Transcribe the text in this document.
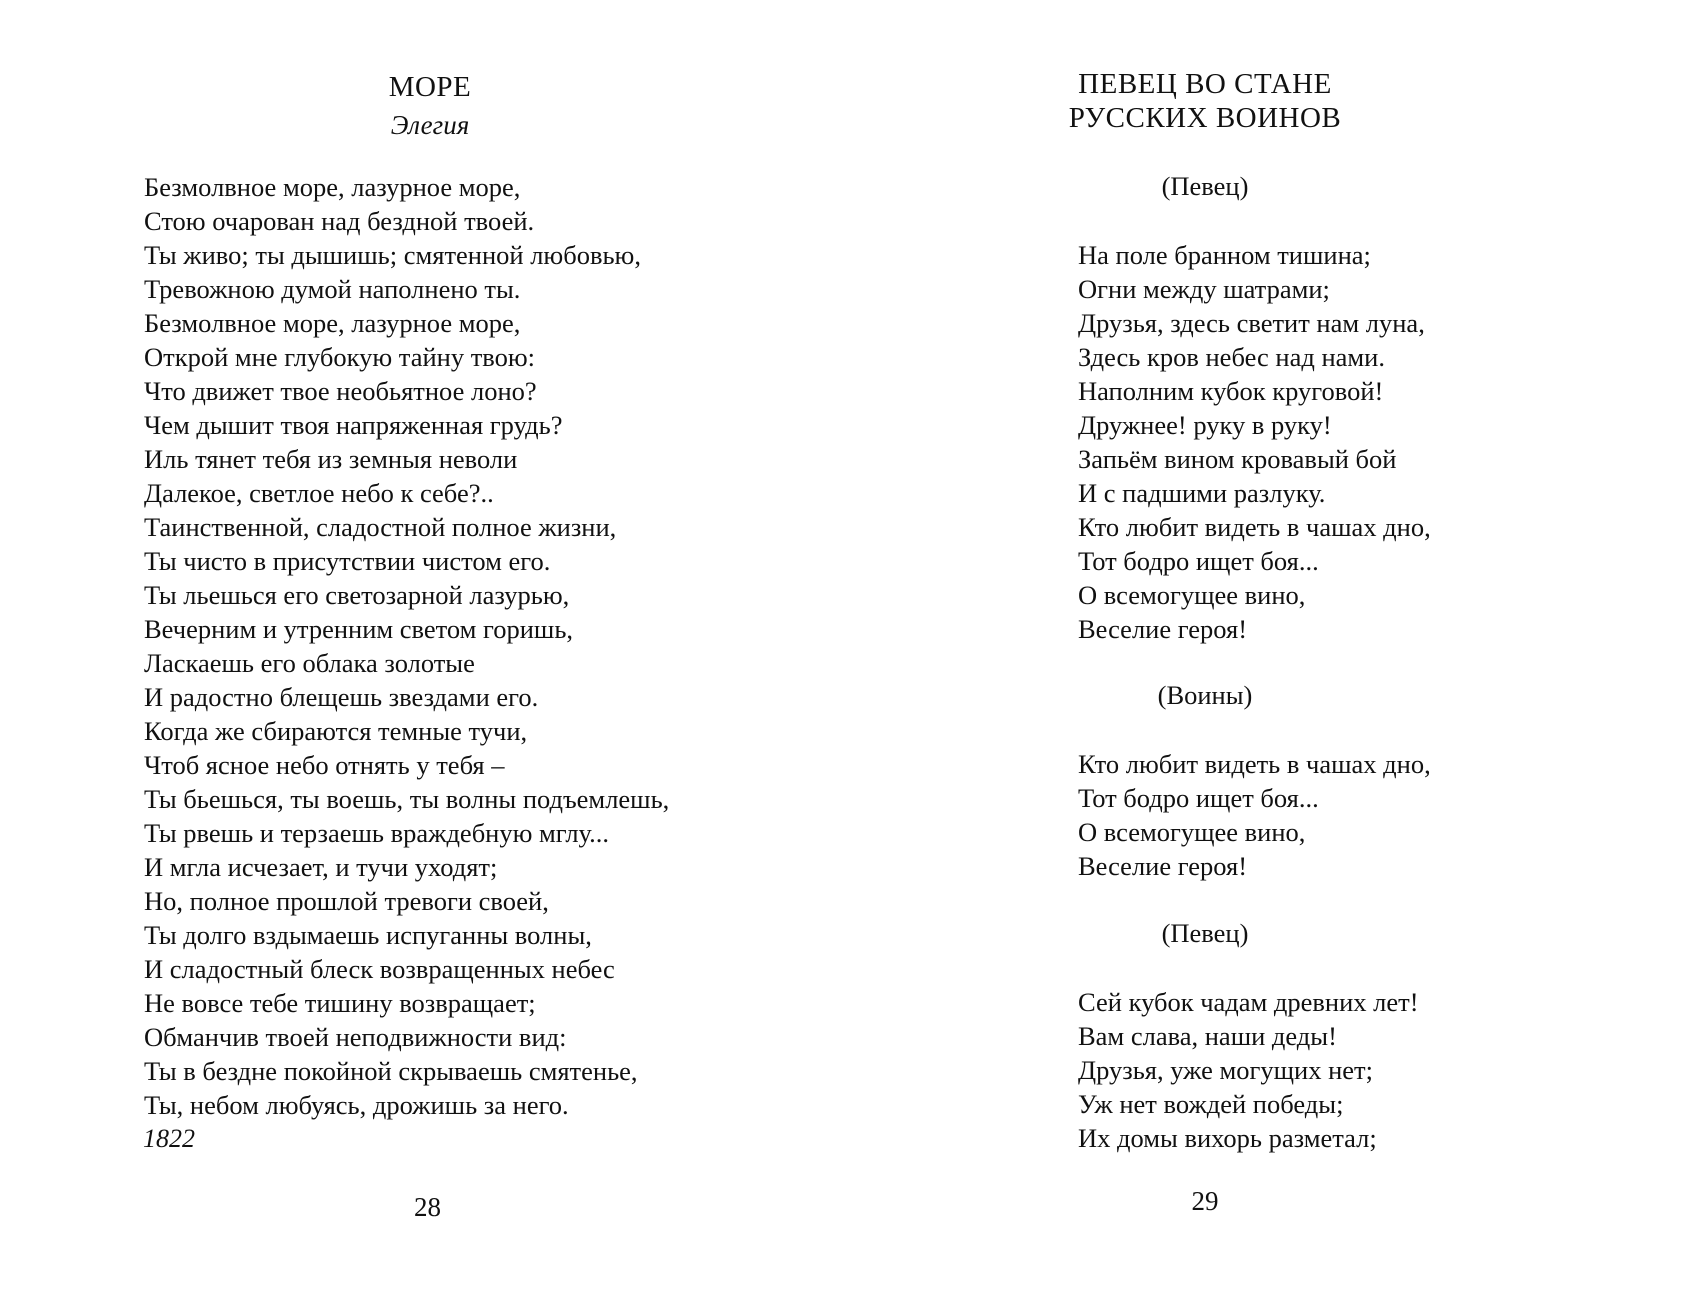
МОРЕ
Элегия
Безмолвное море, лазурное море,
Стою очарован над бездной твоей.
Ты живо; ты дышишь; смятенной любовью,
Тревожною думой наполнено ты.
Безмолвное море, лазурное море,
Открой мне глубокую тайну твою:
Что движет твое необьятное лоно?
Чем дышит твоя напряженная грудь?
Иль тянет тебя из земныя неволи
Далекое, светлое небо к себе?..
Таинственной, сладостной полное жизни,
Ты чисто в присутствии чистом его.
Ты льешься его светозарной лазурью,
Вечерним и утренним светом горишь,
Ласкаешь его облака золотые
И радостно блещешь звездами его.
Когда же сбираются темные тучи,
Чтоб ясное небо отнять у тебя –
Ты бьешься, ты воешь, ты волны подъемлешь,
Ты рвешь и терзаешь враждебную мглу...
И мгла исчезает, и тучи уходят;
Но, полное прошлой тревоги своей,
Ты долго вздымаешь испуганны волны,
И сладостный блеск возвращенных небес
Не вовсе тебе тишину возвращает;
Обманчив твоей неподвижности вид:
Ты в бездне покойной скрываешь смятенье,
Ты, небом любуясь, дрожишь за него.
1822
28
ПЕВЕЦ ВО СТАНЕ
РУССКИХ ВОИНОВ
(Певец)
На поле бранном тишина;
Огни между шатрами;
Друзья, здесь светит нам луна,
Здесь кров небес над нами.
Наполним кубок круговой!
Дружнее! руку в руку!
Запьём вином кровавый бой
И с падшими разлуку.
Кто любит видеть в чашах дно,
Тот бодро ищет боя...
О всемогущее вино,
Веселие героя!
(Воины)
Кто любит видеть в чашах дно,
Тот бодро ищет боя...
О всемогущее вино,
Веселие героя!
(Певец)
Сей кубок чадам древних лет!
Вам слава, наши деды!
Друзья, уже могущих нет;
Уж нет вождей победы;
Их домы вихорь разметал;
29
